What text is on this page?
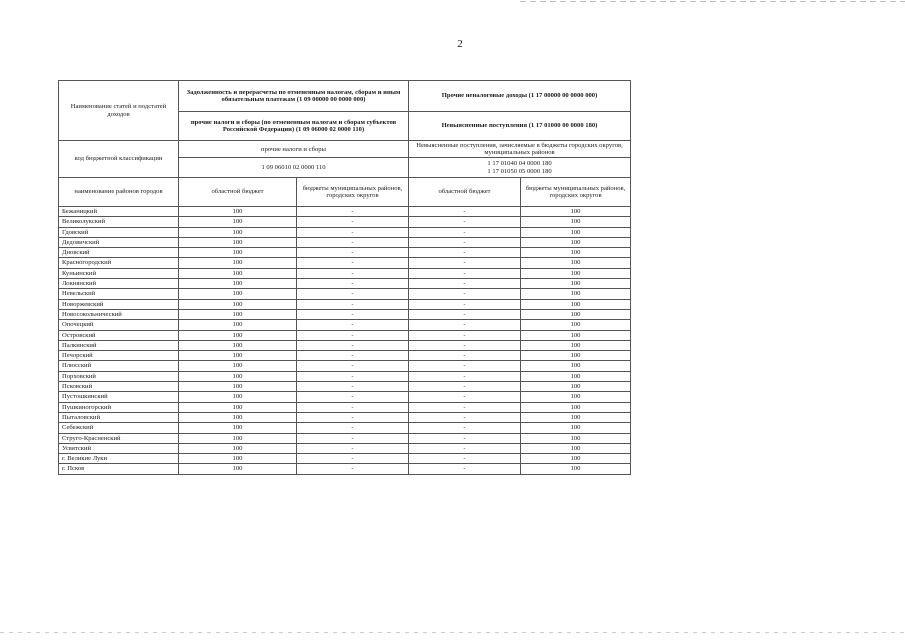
2
Наименование статей и подстатей доходов	Задолженность и перерасчеты по отмененным налогам, сборам и иным обязательным платежам (1 09 00000 00 0000 000)		Прочие неналоговые доходы (1 17 00000 00 0000 000)	
	прочие налоги и сборы (по отмененным налогам и сборам субъектов Российской Федерации) (1 09 06000 02 0000 110)		Невыясненные поступления (1 17 01000 00 0000 180)	
код бюджетной классификации	прочие налоги и сборы		Невыясненные поступления, зачисляемые в бюджеты городских округов, муниципальных районов	
	1 09 06010 02 0000 110		1 17 01040 04 0000 180
1 17 01050 05 0000 180	
наименование районов городов	областной бюджет	бюджеты муниципальных районов, городских округов	областной бюджет	бюджеты муниципальных районов, городских округов
Бежаницкий	100	-	-	100
Великолукский	100	-	-	100
Гдовский	100	-	-	100
Дедовичский	100	-	-	100
Дновский	100	-	-	100
Красногородский	100	-	-	100
Куньинский	100	-	-	100
Локнянский	100	-	-	100
Невельский	100	-	-	100
Новоржевский	100	-	-	100
Новосокольнический	100	-	-	100
Опочецкий	100	-	-	100
Островский	100	-	-	100
Палкинский	100	-	-	100
Печорский	100	-	-	100
Плюсский	100	-	-	100
Порховский	100	-	-	100
Псковский	100	-	-	100
Пустошкинский	100	-	-	100
Пушкиногорский	100	-	-	100
Пыталовский	100	-	-	100
Себежский	100	-	-	100
Струго-Красненский	100	-	-	100
Усвятский	100	-	-	100
г. Великие Луки	100	-	-	100
г. Псков	100	-	-	100
